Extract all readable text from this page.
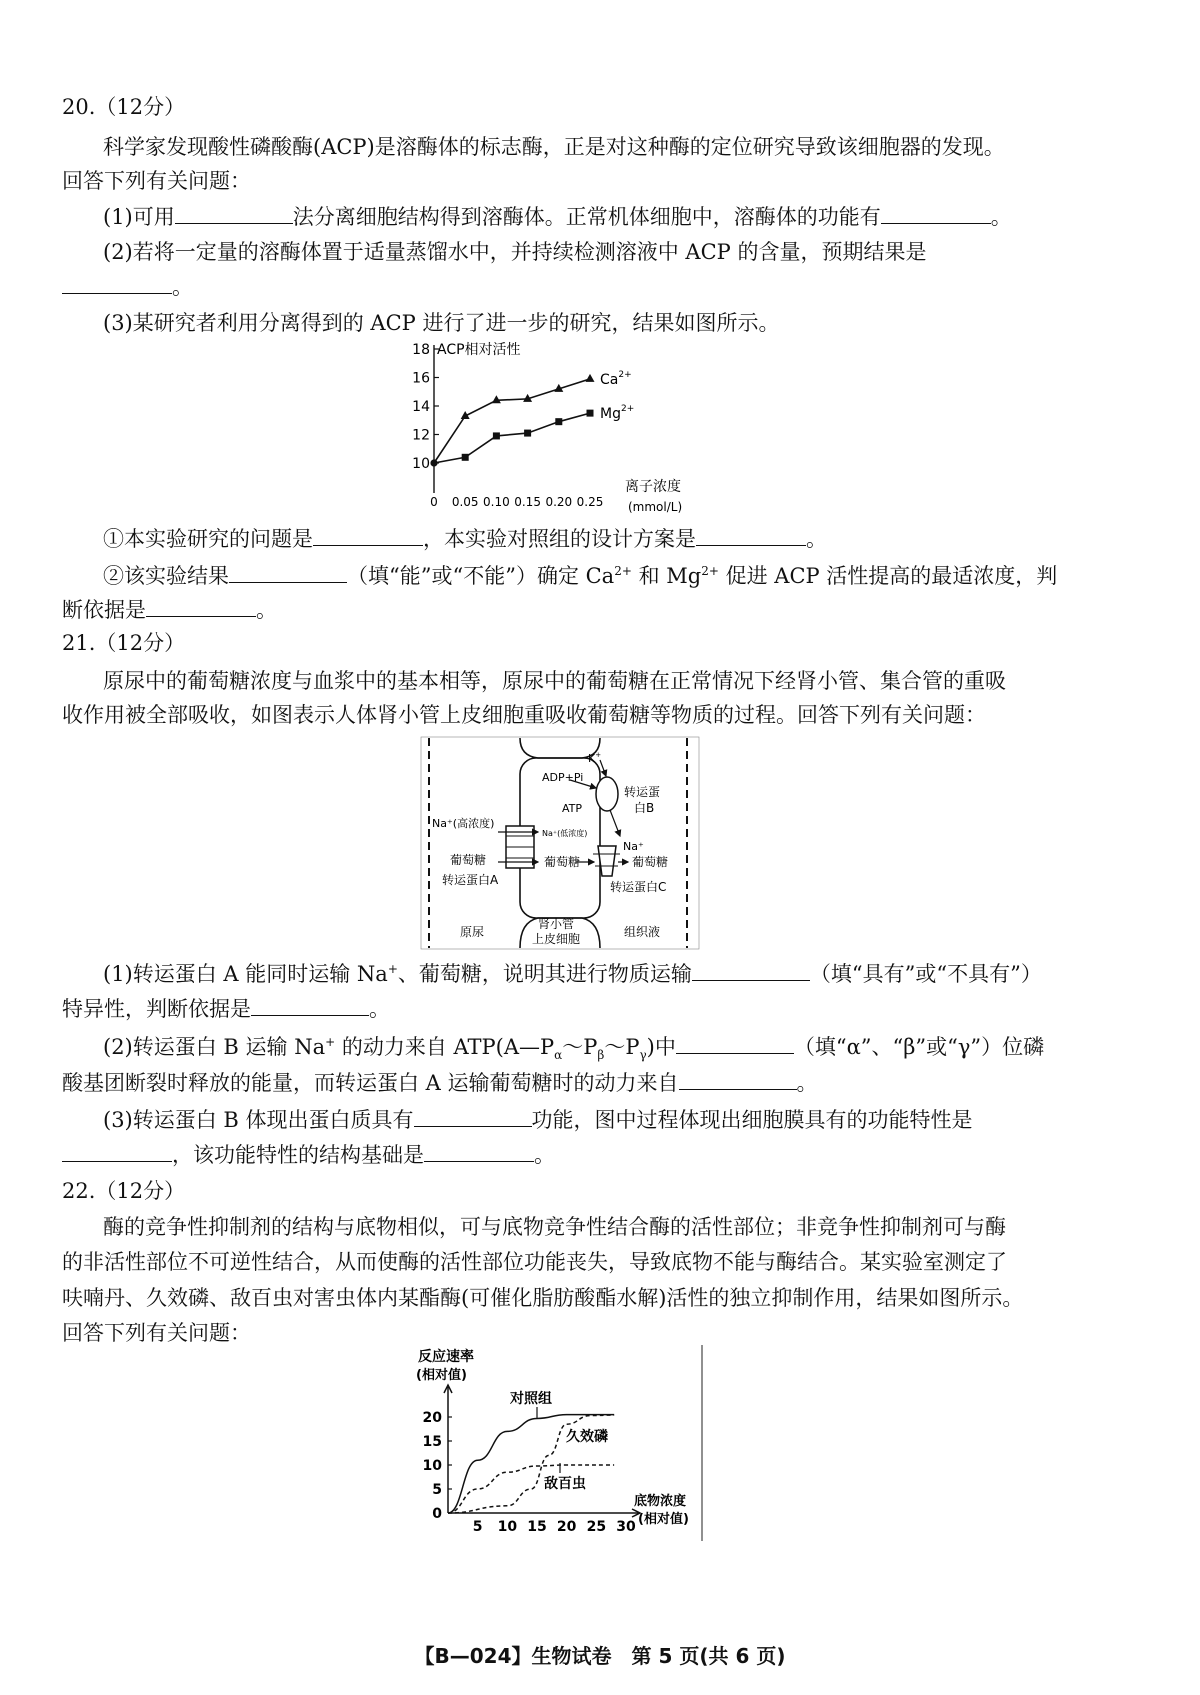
20.（12分）
科学家发现酸性磷酸酶(ACP)是溶酶体的标志酶，正是对这种酶的定位研究导致该细胞器的发现。
回答下列有关问题：
(1)可用	法分离细胞结构得到溶酶体。正常机体细胞中，溶酶体的功能有	。
(2)若将一定量的溶酶体置于适量蒸馏水中，并持续检测溶液中 ACP 的含量，预期结果是
。
(3)某研究者利用分离得到的 ACP 进行了进一步的研究，结果如图所示。
10
12
14
16
18 ACP相对活性
0 0.05 0.10 0.15 0.20 0.25
离子浓度
(mmol/L)
$Ca^{2+}$
$Mg^{2+}$
①本实验研究的问题是	，本实验对照组的设计方案是	。
②该实验结果	（填“能”或“不能”）确定 $Ca^{2+}$ 和 $Mg^{2+}$ 促进 ACP 活性提高的最适浓度，判
断依据是	。
21.（12分）
原尿中的葡萄糖浓度与血浆中的基本相等，原尿中的葡萄糖在正常情况下经肾小管、集合管的重吸
收作用被全部吸收，如图表示人体肾小管上皮细胞重吸收葡萄糖等物质的过程。回答下列有关问题：
K+
ADP+Pi
ATP
转运蛋
白B
Na⁺(高浓度)
Na⁺(低浓度)
Na⁺
葡萄糖
转运蛋白A
葡萄糖	葡萄糖
转运蛋白C
原尿
肾小管
上皮细胞	组织液
(1)转运蛋白 A 能同时运输 Na+、葡萄糖，说明其进行物质运输	（填“具有”或“不具有”）
特异性，判断依据是	。
(2)转运蛋白 B 运输 Na+ 的动力来自 $ATP(A—P_\alpha\sim P_\beta\sim P_\gamma)$中	（填“α”、“β”或“γ”）位磷
酸基团断裂时释放的能量，而转运蛋白 A 运输葡萄糖时的动力来自	。
(3)转运蛋白 B 体现出蛋白质具有	功能，图中过程体现出细胞膜具有的功能特性是
，该功能特性的结构基础是	。
22.（12分）
酶的竞争性抑制剂的结构与底物相似，可与底物竞争性结合酶的活性部位；非竞争性抑制剂可与酶
的非活性部位不可逆性结合，从而使酶的活性部位功能丧失，导致底物不能与酶结合。某实验室测定了
呋喃丹、久效磷、敌百虫对害虫体内某酯酶(可催化脂肪酸酯水解)活性的独立抑制作用，结果如图所示。
回答下列有关问题：
反应速率
(相对值)
0
5
10
15
20
5 10 15 20 25 30
底物浓度
(相对值)
对照组
久效磷
敌百虫
【B—024】生物试卷　第 5 页(共 6 页)
